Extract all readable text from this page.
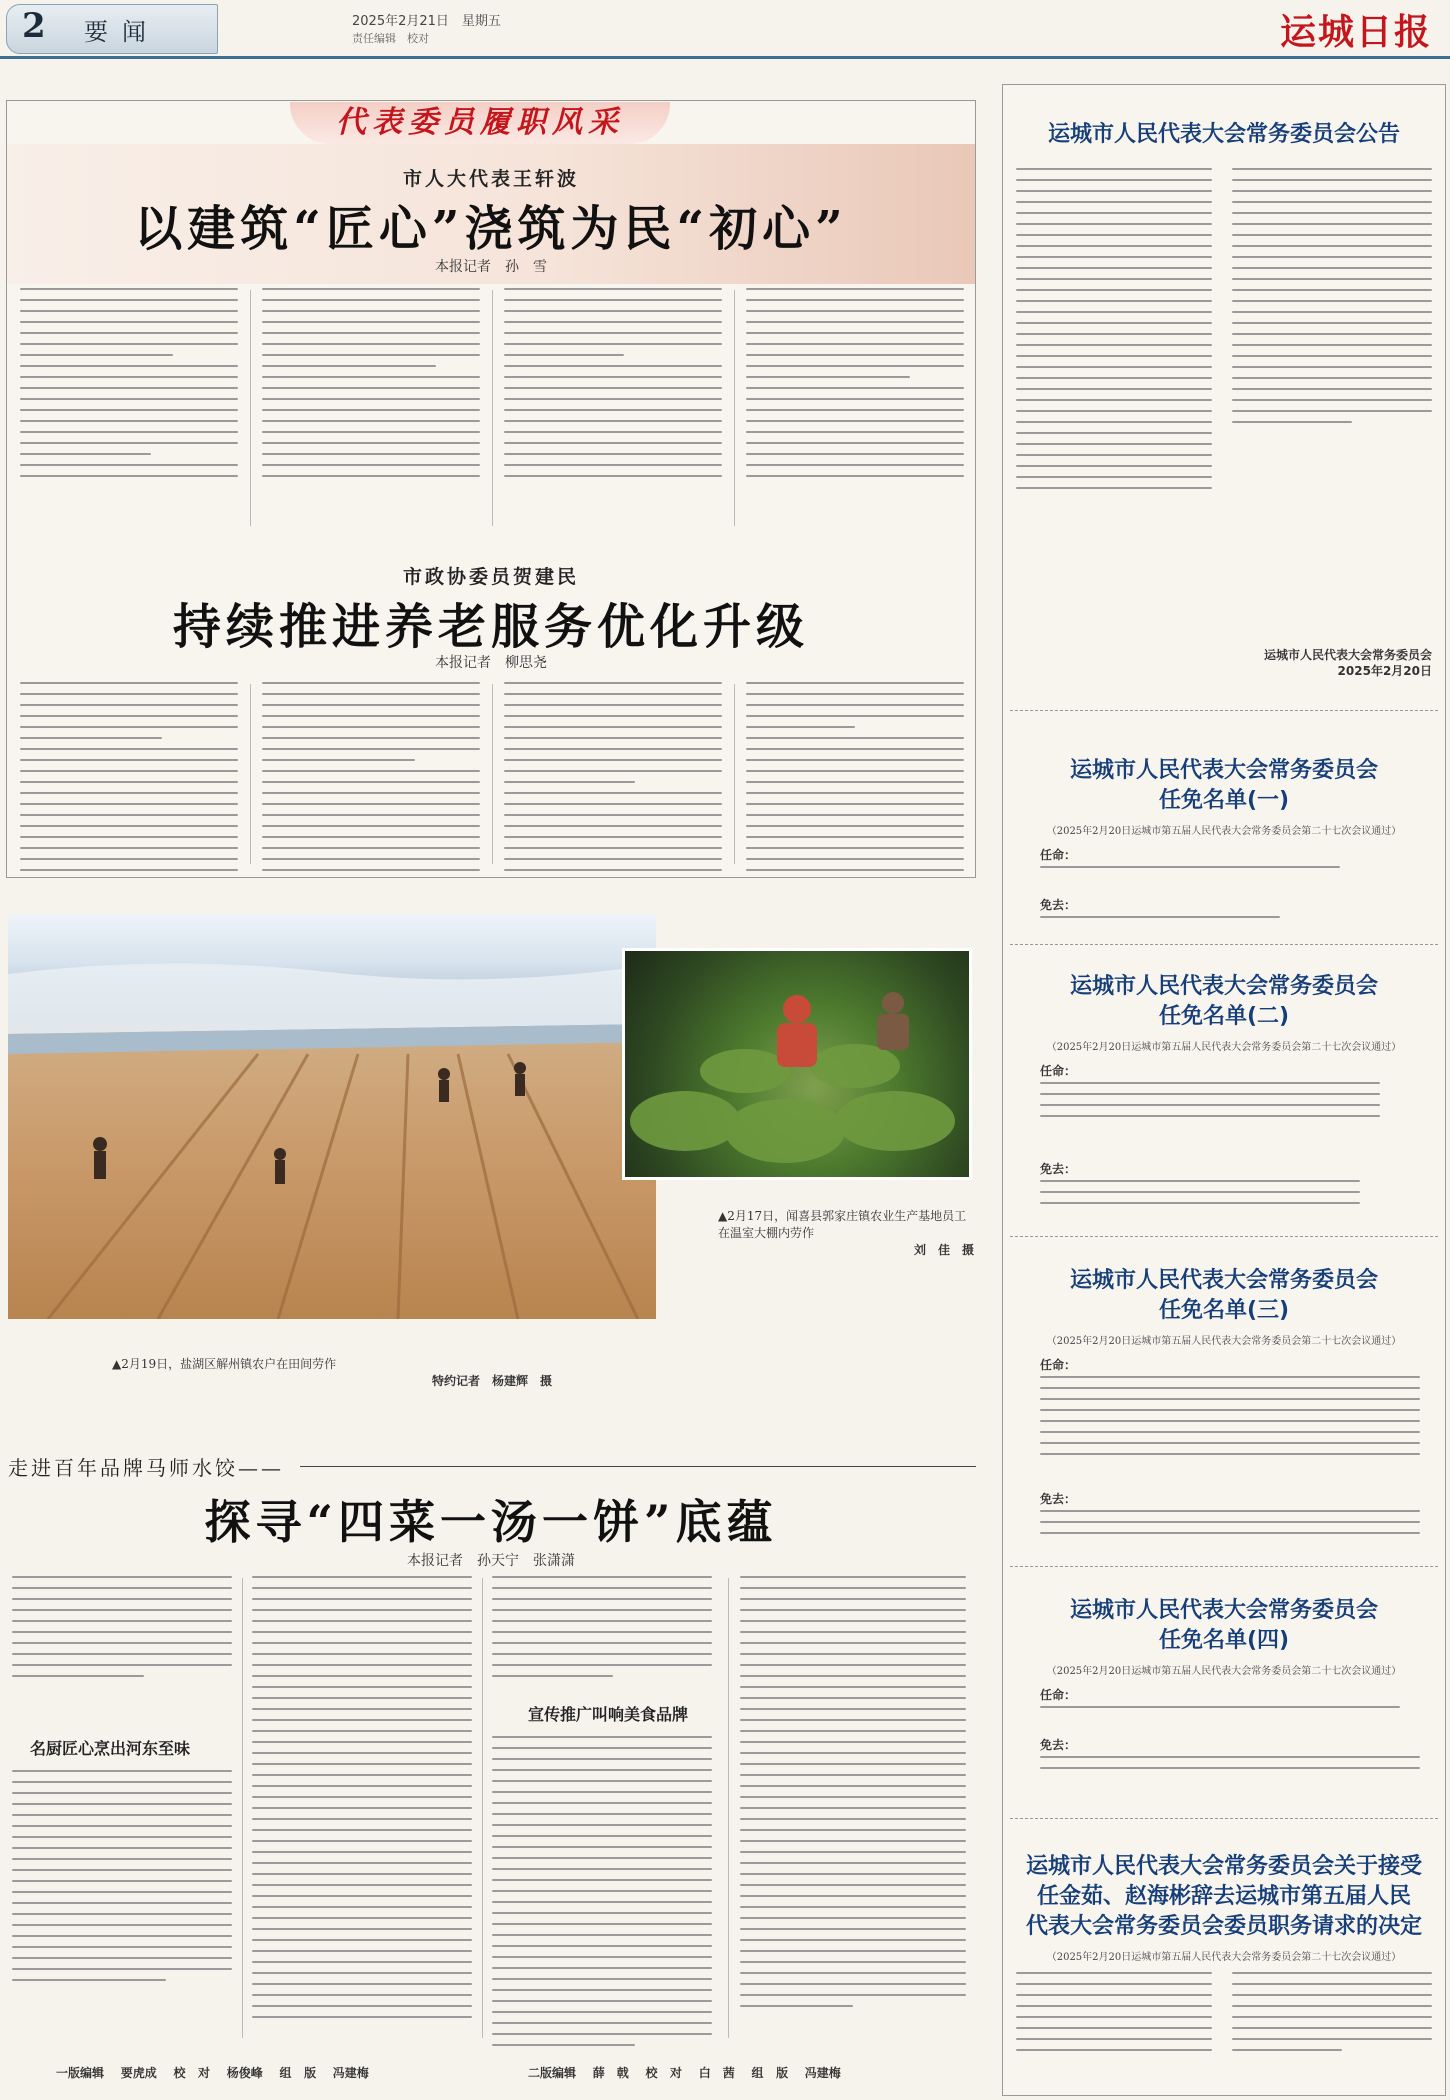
2 要闻	2025年2月21日　星期五
责任编辑　校对	运城日报
代表委员履职风采
市人大代表王轩波
以建筑“匠心”浇筑为民“初心”
本报记者　孙　雪
市政协委员贺建民
持续推进养老服务优化升级
本报记者　柳思尧
▲2月17日，闻喜县郭家庄镇农业生产基地员工在温室大棚内劳作

刘　佳　摄
▲2月19日，盐湖区解州镇农户在田间劳作

特约记者　杨建辉　摄
走进百年品牌马师水饺——
探寻“四菜一汤一饼”底蕴
本报记者　孙天宁　张潇潇
名厨匠心烹出河东至味
宣传推广叫响美食品牌
运城市人民代表大会常务委员会公告
运城市人民代表大会常务委员会
2025年2月20日
运城市人民代表大会常务委员会
任免名单(一)
（2025年2月20日运城市第五届人民代表大会常务委员会第二十七次会议通过）
任命：
免去：
运城市人民代表大会常务委员会
任免名单(二)
（2025年2月20日运城市第五届人民代表大会常务委员会第二十七次会议通过）
任命：
免去：
运城市人民代表大会常务委员会
任免名单(三)
（2025年2月20日运城市第五届人民代表大会常务委员会第二十七次会议通过）
任命：
免去：
运城市人民代表大会常务委员会
任免名单(四)
（2025年2月20日运城市第五届人民代表大会常务委员会第二十七次会议通过）
任命：
免去：
运城市人民代表大会常务委员会关于接受
任金茹、赵海彬辞去运城市第五届人民
代表大会常务委员会委员职务请求的决定
（2025年2月20日运城市第五届人民代表大会常务委员会第二十七次会议通过）
一版编辑 要虎成 校 对 杨俊峰 组 版 冯建梅	二版编辑 薛　戟 校 对 白　茜 组 版 冯建梅
